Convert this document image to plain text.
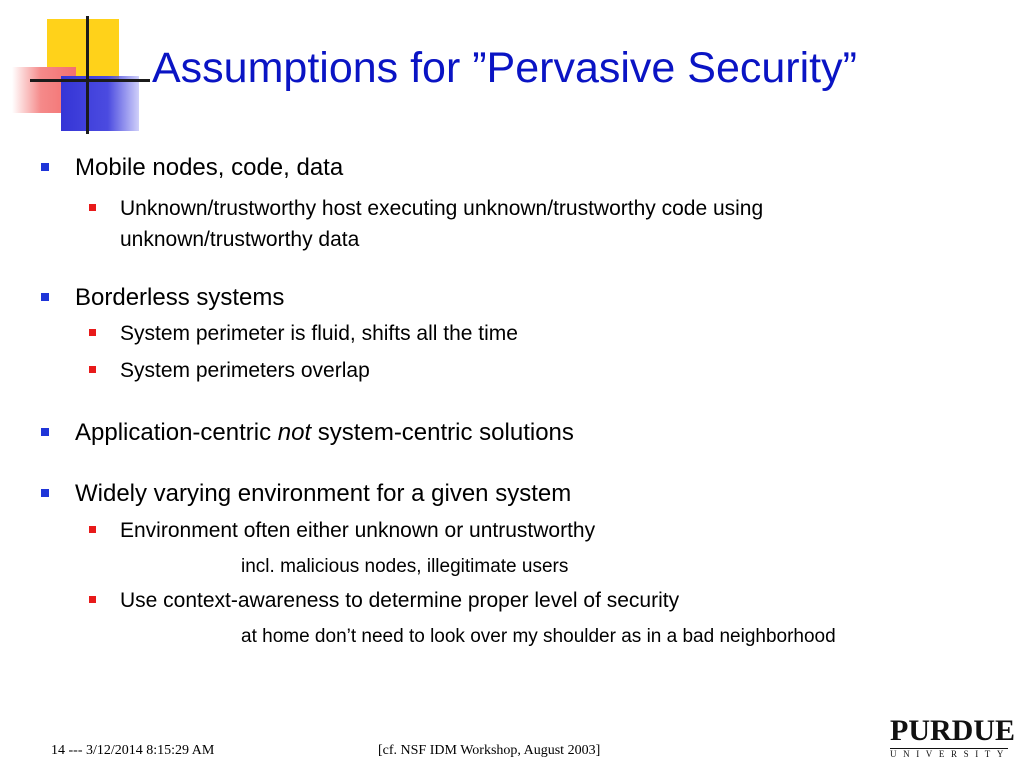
Assumptions for ”Pervasive Security”
Mobile nodes, code, data
Unknown/trustworthy host executing unknown/trustworthy code using unknown/trustworthy data
Borderless systems
System perimeter is fluid, shifts all the time
System perimeters overlap
Application-centric not system-centric solutions
Widely varying environment for a given system
Environment often either unknown or untrustworthy
incl. malicious nodes, illegitimate users
Use context-awareness to determine proper level of security
at home don’t need to look over my shoulder as in a bad neighborhood
14 --- 3/12/2014 8:15:29 AM	[cf. NSF IDM Workshop, August 2003]
PURDUE
UNIVERSITY
